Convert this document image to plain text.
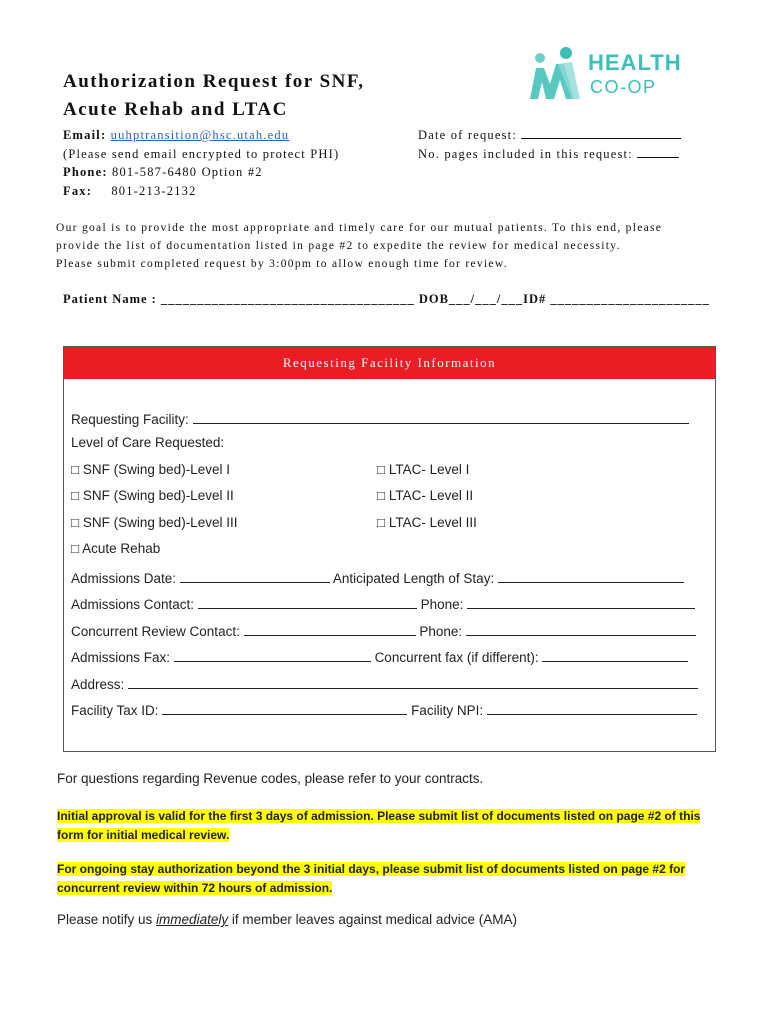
HEALTH
CO-OP
Authorization Request for SNF,
Acute Rehab and LTAC
Email: uuhptransition@hsc.utah.edu
(Please send email encrypted to protect PHI)
Phone: 801-587-6480 Option #2
Fax: 801-213-2132
Date of request:
No. pages included in this request:
Our goal is to provide the most appropriate and timely care for our mutual patients. To this end, please
provide the list of documentation listed in page #2 to expedite the review for medical necessity.
Please submit completed request by 3:00pm to allow enough time for review.
Patient Name : ___________________________________ DOB___/___/___ID# ______________________
Requesting Facility Information
Requesting Facility:
Level of Care Requested:
□ SNF (Swing bed)-Level I	□ LTAC- Level I
□ SNF (Swing bed)-Level II	□ LTAC- Level II
□ SNF (Swing bed)-Level III	□ LTAC- Level III
□ Acute Rehab
Admissions Date:	Anticipated Length of Stay:
Admissions Contact:	Phone:
Concurrent Review Contact:	Phone:
Admissions Fax:	Concurrent fax (if different):
Address:
Facility Tax ID:	Facility NPI:
For questions regarding Revenue codes, please refer to your contracts.
Initial approval is valid for the first 3 days of admission. Please submit list of documents listed on page #2 of this
form for initial medical review.
For ongoing stay authorization beyond the 3 initial days, please submit list of documents listed on page #2 for
concurrent review within 72 hours of admission.
Please notify us immediately if member leaves against medical advice (AMA)
